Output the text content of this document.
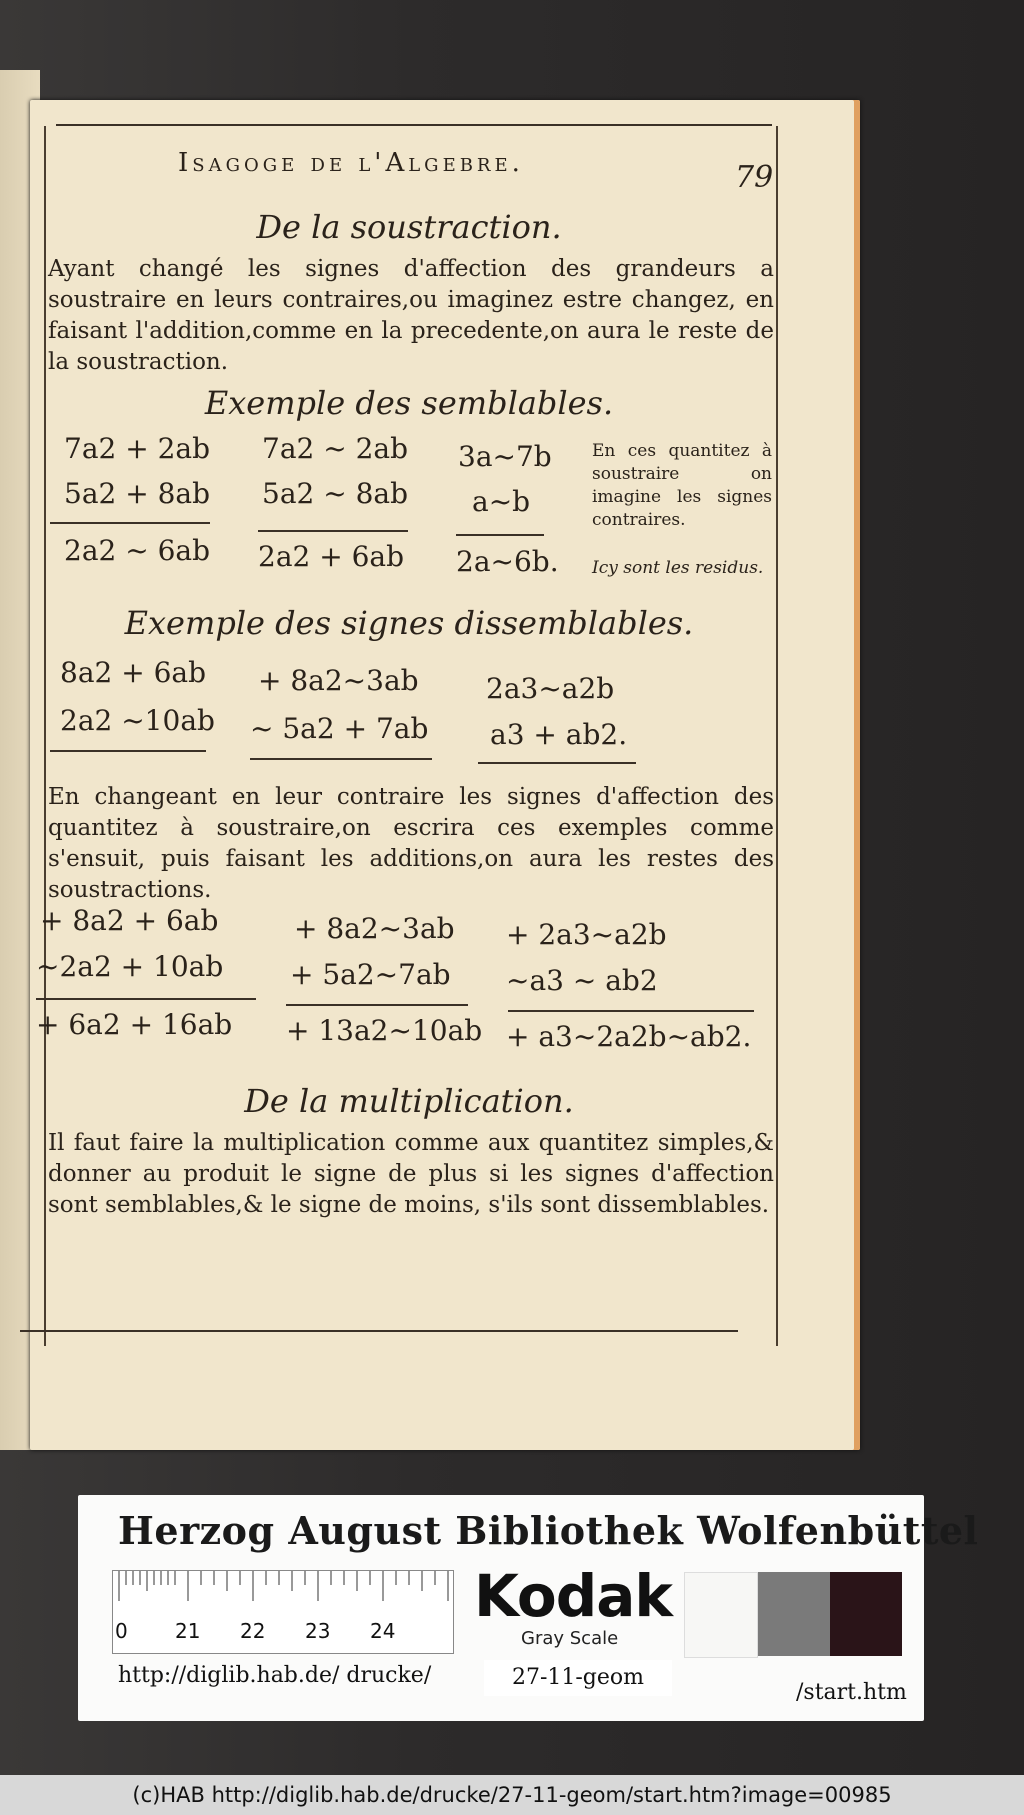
Isagoge de l'Algebre.	79
De la soustraction.
Ayant changé les signes d'affection des grandeurs a soustraire en leurs contraires,ou imaginez estre changez, en faisant l'addition,comme en la precedente,on aura le reste de la soustraction.
Exemple des semblables.
7a2 + 2ab
5a2 + 8ab
2a2 ~ 6ab
7a2 ~ 2ab
5a2 ~ 8ab
2a2 + 6ab
3a~7b
a~b
2a~6b.
En ces quantitez à soustraire on imagine les signes contraires.
Icy sont les residus.
Exemple des signes dissemblables.
8a2 + 6ab
2a2 ~10ab
+ 8a2~3ab
~ 5a2 + 7ab
2a3~a2b
a3 + ab2.
En changeant en leur contraire les signes d'affection des quantitez à soustraire,on escrira ces exemples comme s'ensuit, puis faisant les additions,on aura les restes des soustractions.
+ 8a2 + 6ab
~2a2 + 10ab
+ 6a2 + 16ab
+ 8a2~3ab
+ 5a2~7ab
+ 13a2~10ab
+ 2a3~a2b
~a3 ~ ab2
+ a3~2a2b~ab2.
De la multiplication.
Il faut faire la multiplication comme aux quantitez simples,& donner au produit le signe de plus si les signes d'affection sont semblables,& le signe de moins, s'ils sont dissemblables.
Herzog August Bibliothek Wolfenbüttel
0 21 22 23 24
Kodak
Gray Scale
http://diglib.hab.de/ drucke/	27-11-geom
/start.htm
(c)HAB http://diglib.hab.de/drucke/27-11-geom/start.htm?image=00985
